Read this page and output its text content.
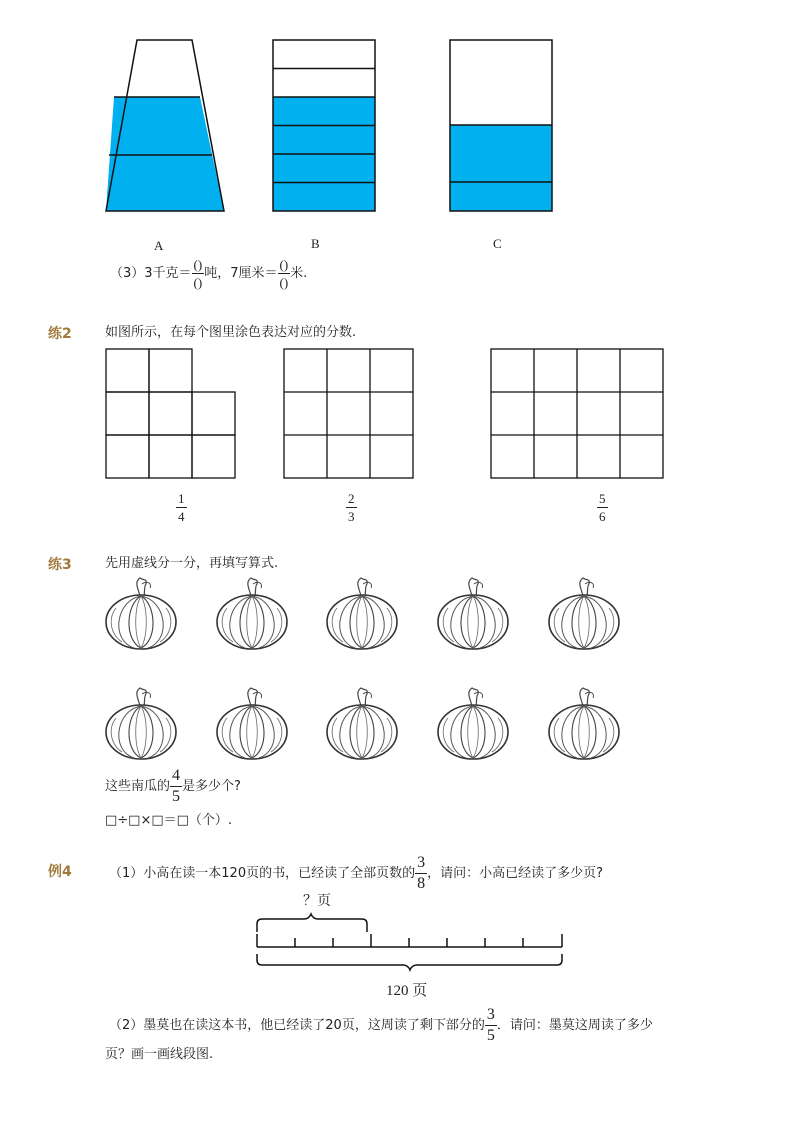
A	B	C
（3）3千克＝ $\frac{()}{()}$ 吨，7厘米＝ $\frac{()}{()}$ 米.
练2	如图所示，在每个图里涂色表达对应的分数.
$\frac{1}{4}$	$\frac{2}{3}$	$\frac{5}{6}$
练3	先用虚线分一分，再填写算式.
这些南瓜的 $\frac{4}{5}$ 是多少个?
□÷□×□＝□（个）.
例4	（1）小高在读一本120页的书，已经读了全部页数的 $\frac{3}{8}$ ，请问：小高已经读了多少页?
？页
120 页
（2）墨莫也在读这本书，他已经读了20页，这周读了剩下部分的 $\frac{3}{5}$ ．请问：墨莫这周读了多少
页？画一画线段图.
